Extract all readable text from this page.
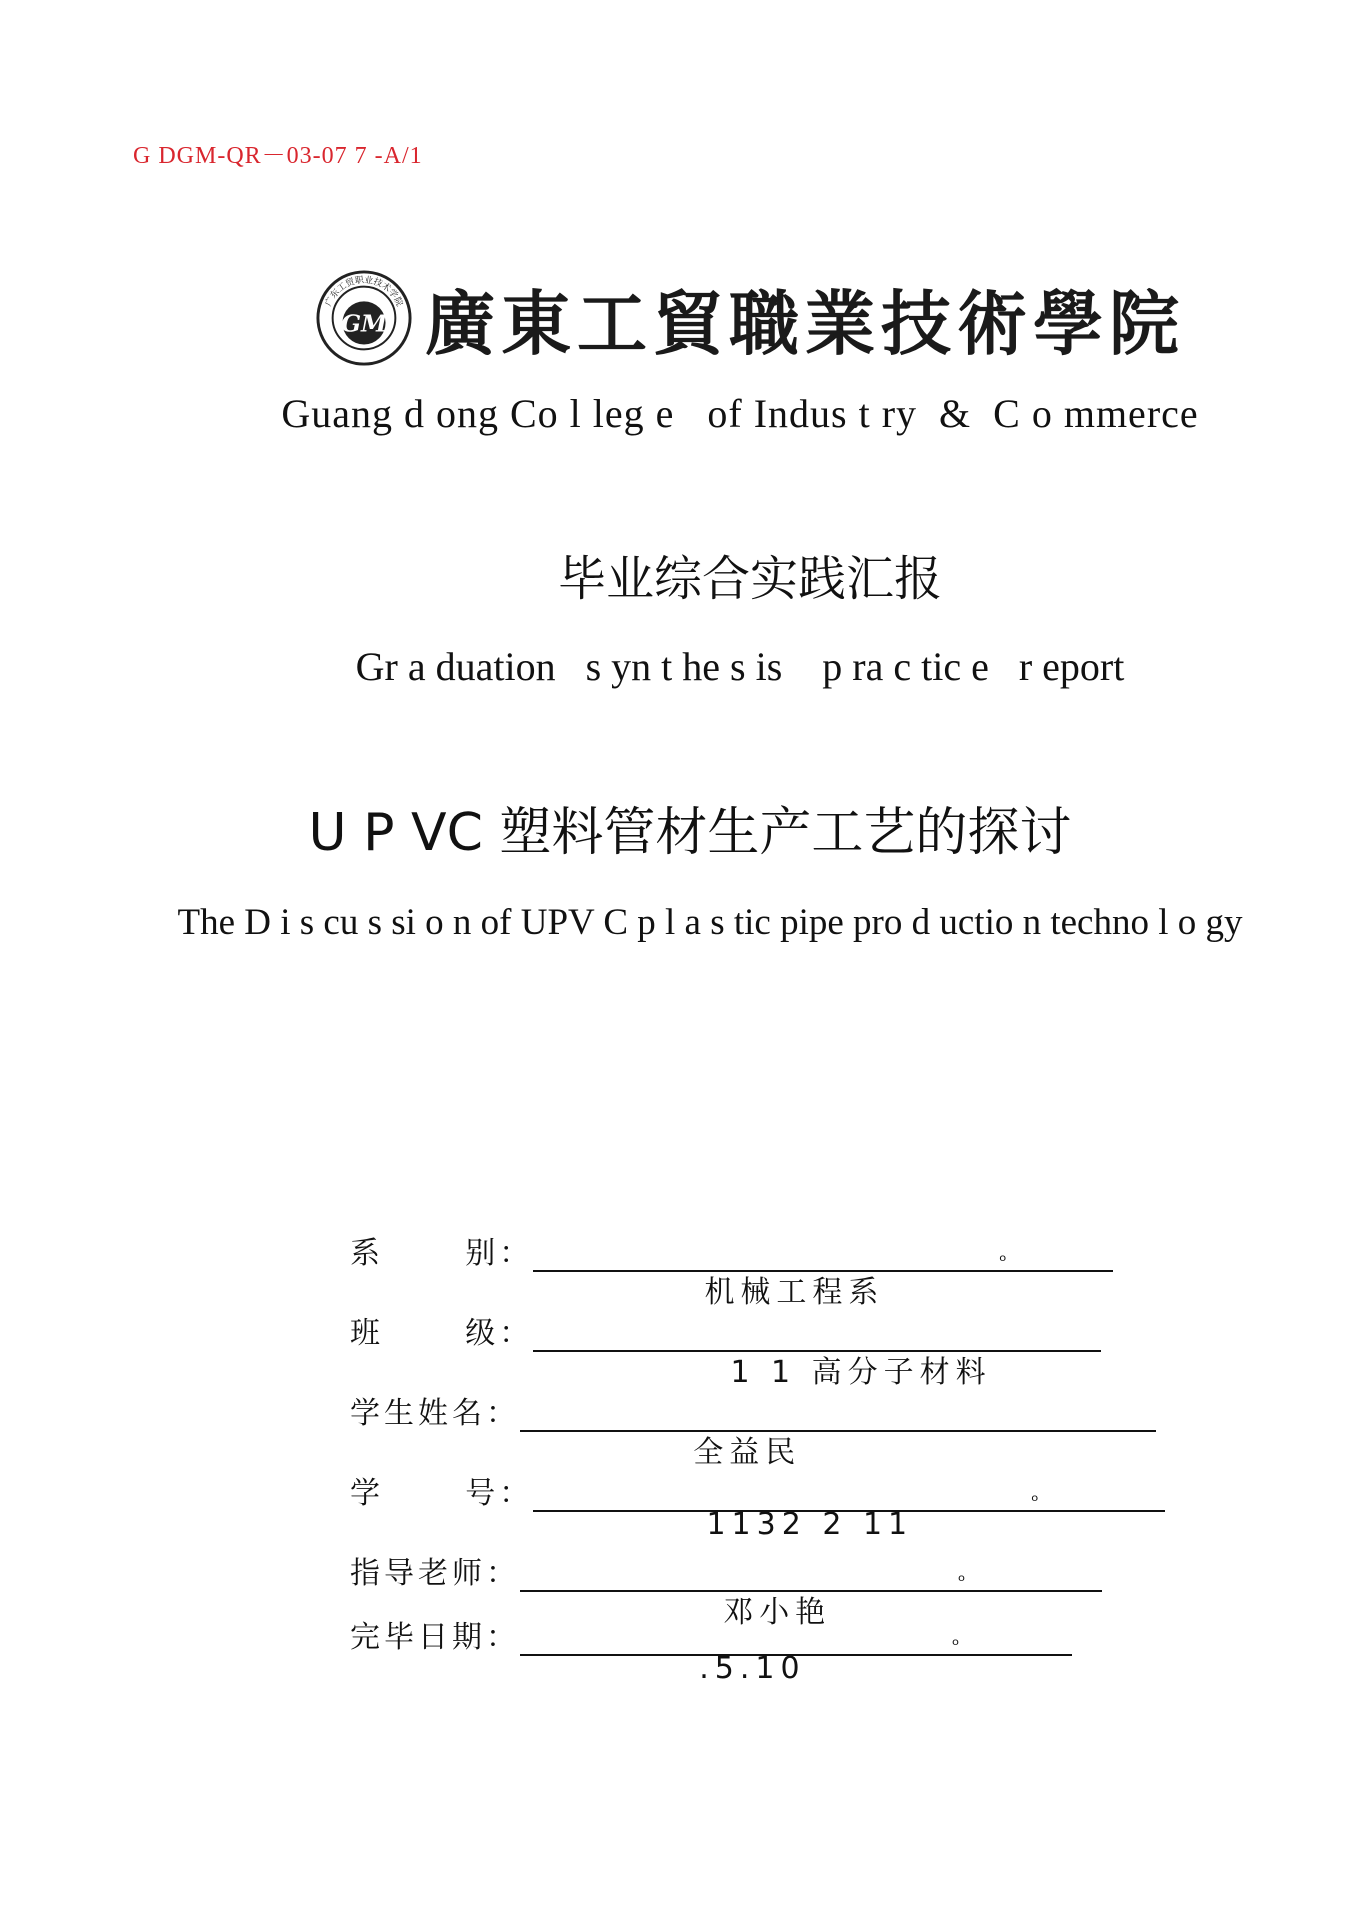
G DGM-QR－03-07 7 -A/1
广东工贸职业技术学院
GM 廣東工貿職業技術學院
Guang d ong Co l leg e   of Indus t ry  &  C o mmerce
毕业综合实践汇报
Gr a duation   s yn t he s is    p ra c tic e   r eport
U P VC 塑料管材生产工艺的探讨
The D i s cu s si o n of UPV C p l a s tic pipe pro d uctio n techno l o gy
系      别：

机械工程系

ₒ

班      级：

1 1 高分子材料

学生姓名：

全益民

学      号：

1132 2 11

ₒ

指导老师：

邓小艳

ₒ

完毕日期：

.5.10

ₒ
